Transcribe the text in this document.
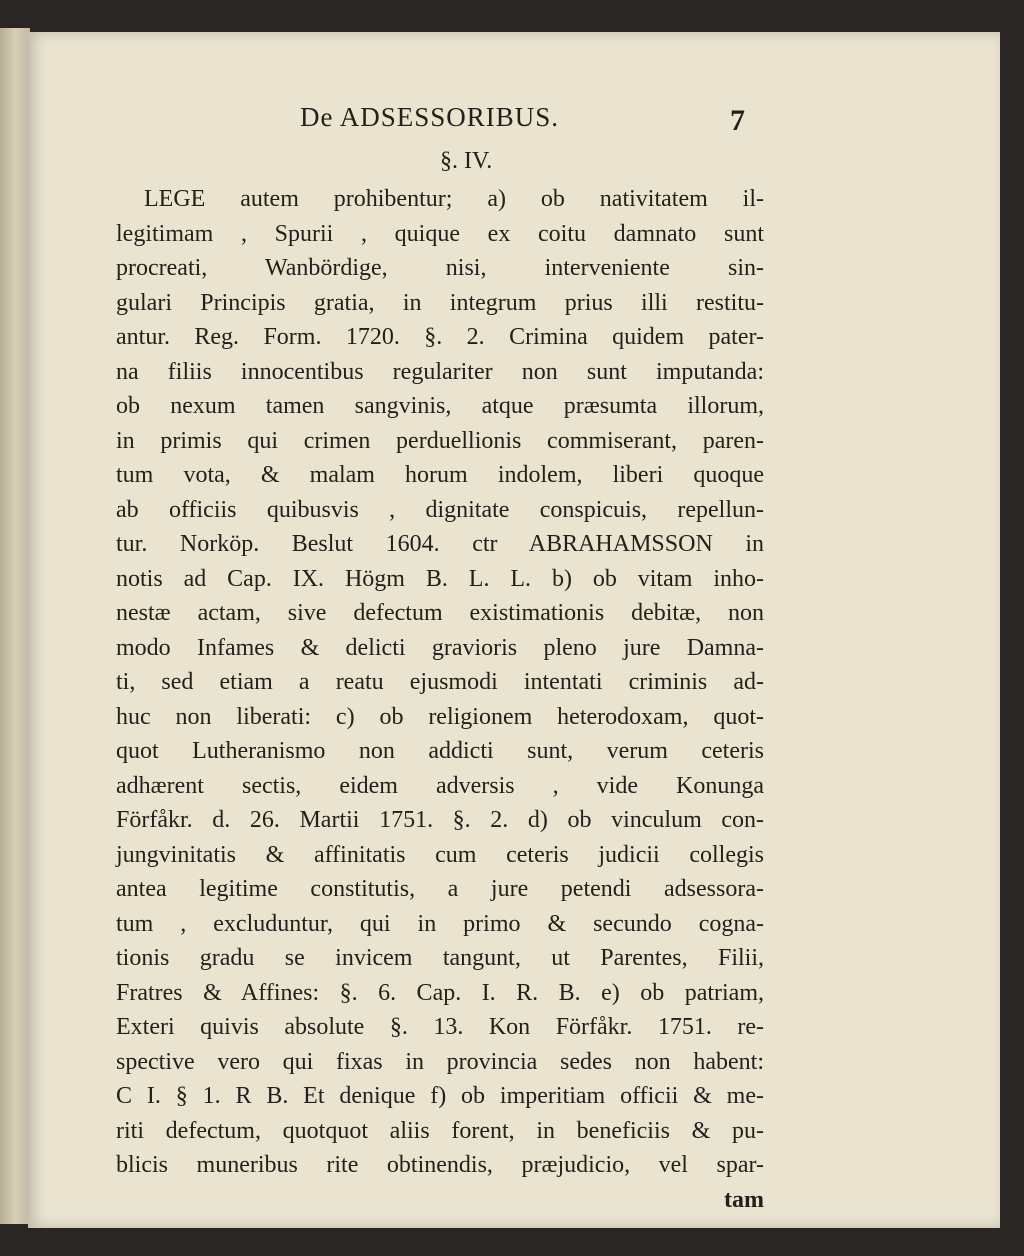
De ADSESSORIBUS.	7
§. IV.
LEGE autem prohibentur; a) ob nativitatem il-
legitimam , Spurii , quique ex coitu damnato sunt
procreati, Wanbördige, nisi, interveniente sin-
gulari Principis gratia, in integrum prius illi restitu-
antur. Reg. Form. 1720. §. 2. Crimina quidem pater-
na filiis innocentibus regulariter non sunt imputanda:
ob nexum tamen sangvinis, atque præsumta illorum,
in primis qui crimen perduellionis commiserant, paren-
tum vota, & malam horum indolem, liberi quoque
ab officiis quibusvis , dignitate conspicuis, repellun-
tur. Norköp. Beslut 1604. ctr ABRAHAMSSON in
notis ad Cap. IX. Högm B. L. L. b) ob vitam inho-
nestæ actam, sive defectum existimationis debitæ, non
modo Infames & delicti gravioris pleno jure Damna-
ti, sed etiam a reatu ejusmodi intentati criminis ad-
huc non liberati: c) ob religionem heterodoxam, quot-
quot Lutheranismo non addicti sunt, verum ceteris
adhærent sectis, eidem adversis , vide Konunga
Förfåkr. d. 26. Martii 1751. §. 2. d) ob vinculum con-
jungvinitatis & affinitatis cum ceteris judicii collegis
antea legitime constitutis, a jure petendi adsessora-
tum , excluduntur, qui in primo & secundo cogna-
tionis gradu se invicem tangunt, ut Parentes, Filii,
Fratres & Affines: §. 6. Cap. I. R. B. e) ob patriam,
Exteri quivis absolute §. 13. Kon Förfåkr. 1751. re-
spective vero qui fixas in provincia sedes non habent:
C I. § 1. R B. Et denique f) ob imperitiam officii & me-
riti defectum, quotquot aliis forent, in beneficiis & pu-
blicis muneribus rite obtinendis, præjudicio, vel spar-
tam
